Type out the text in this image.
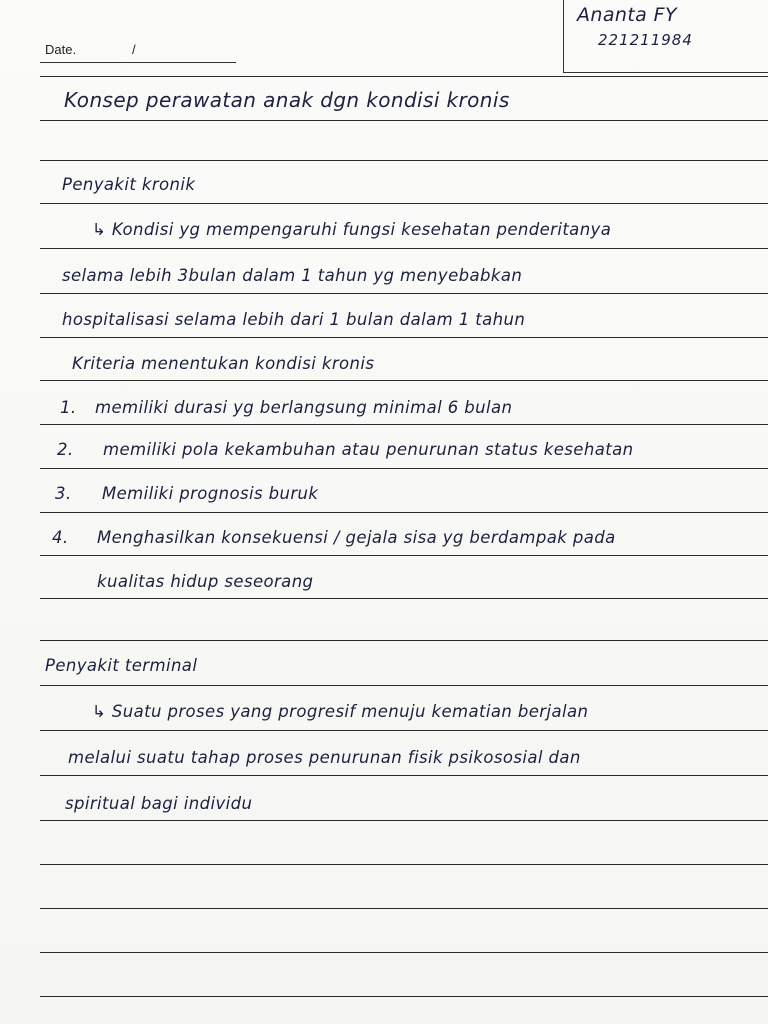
Date.	/
Ananta FY
221211984
Konsep perawatan anak dgn kondisi kronis
Penyakit kronik
↳ Kondisi yg mempengaruhi fungsi kesehatan penderitanya
selama lebih 3bulan dalam 1 tahun yg menyebabkan
hospitalisasi selama lebih dari 1 bulan dalam 1 tahun
Kriteria menentukan kondisi kronis
1. memiliki durasi yg berlangsung minimal 6 bulan
2. memiliki pola kekambuhan atau penurunan status kesehatan
3. Memiliki prognosis buruk
4. Menghasilkan konsekuensi / gejala sisa yg berdampak pada
kualitas hidup seseorang
Penyakit terminal
↳ Suatu proses yang progresif menuju kematian berjalan
melalui suatu tahap proses penurunan fisik psikososial dan
spiritual bagi individu
